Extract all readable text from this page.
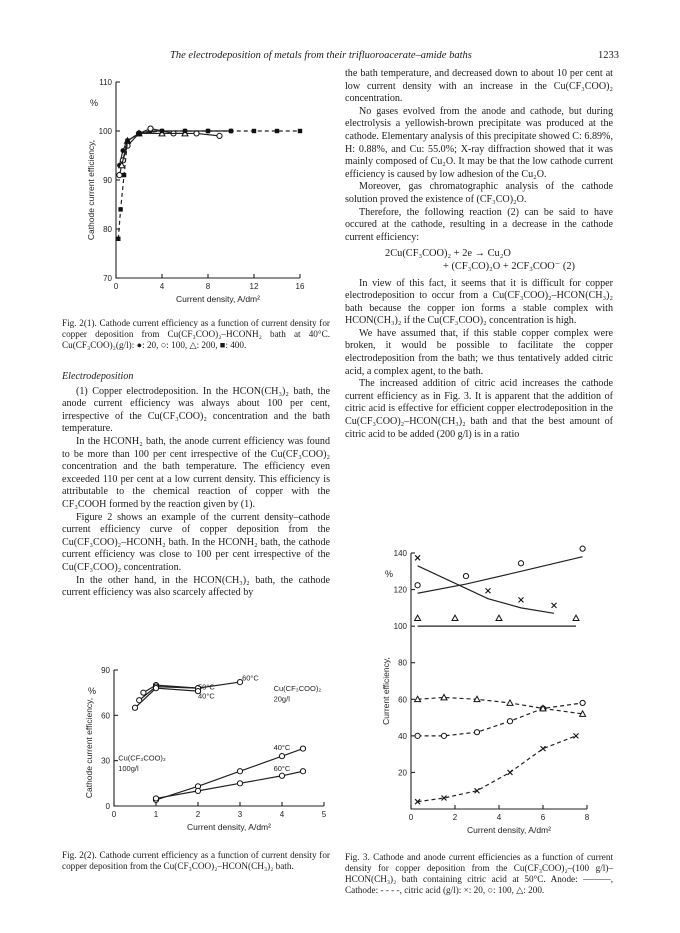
The electrodeposition of metals from their trifluoroacerate–amide baths	1233
0	4	8	12	16
70
80
90
100
110
Cathode current efficiency,
%
Current density, A/dm²
Fig. 2(1). Cathode current efficiency as a function of current density for copper deposition from Cu(CF₃COO)₂–HCONH₂ bath at 40°C. Cu(CF₃COO)₂(g/l): ●: 20, ○: 100, △: 200, ■: 400.

Electrodeposition

(1) Copper electrodeposition. In the HCON(CH₃)₂ bath, the anode current efficiency was always about 100 per cent, irrespective of the Cu(CF₃COO)₂ concentration and the bath temperature.

In the HCONH₂ bath, the anode current efficiency was found to be more than 100 per cent irrespective of the Cu(CF₃COO)₂ concentration and the bath temperature. The efficiency even exceeded 110 per cent at a low current density. This efficiency is attributable to the chemical reaction of copper with the CF₃COOH formed by the reaction given by (1).

Figure 2 shows an example of the current density–cathode current efficiency curve of copper deposition from the Cu(CF₃COO)₂–HCONH₂ bath. In the HCONH₂ bath, the cathode current efficiency was close to 100 per cent irrespective of the Cu(CF₃COO)₂ concentration.

In the other hand, in the HCON(CH₃)₂ bath, the cathode current efficiency was also scarcely affected by

0	1	2	3	4	5
0
30
60
90
Cathode current efficiency,
%
Current density, A/dm²
Cu(CF₃COO)₂
20g/l
Cu(CF₃COO)₂
100g/l
60°C
50°C
40°C
40°C
60°C
Fig. 2(2). Cathode current efficiency as a function of current density for copper deposition from the Cu(CF₃COO)₂–HCON(CH₃)₂ bath.

the bath temperature, and decreased down to about 10 per cent at low current density with an increase in the Cu(CF₃COO)₂ concentration.

No gases evolved from the anode and cathode, but during electrolysis a yellowish-brown precipitate was produced at the cathode. Elementary analysis of this precipitate showed C: 6.89%, H: 0.88%, and Cu: 55.0%; X-ray diffraction showed that it was mainly composed of Cu₂O. It may be that the low cathode current efficiency is caused by low adhesion of the Cu₂O.

Moreover, gas chromatographic analysis of the cathode solution proved the existence of (CF₃CO)₂O.

Therefore, the following reaction (2) can be said to have occured at the cathode, resulting in a decrease in the cathode current efficiency:

2Cu(CF₃COO)₂ + 2e → Cu₂O
+ (CF₃CO)₂O + 2CF₃COO⁻ (2)

In view of this fact, it seems that it is difficult for copper electrodeposition to occur from a Cu(CF₃COO)₂–HCON(CH₃)₂ bath because the copper ion forms a stable complex with HCON(CH₃)₂ if the Cu(CF₃COO)₂ concentration is high.

We have assumed that, if this stable copper complex were broken, it would be possible to facilitate the copper electrodeposition from the bath; we thus tentatively added citric acid, a complex agent, to the bath.

The increased addition of citric acid increases the cathode current efficiency as in Fig. 3. It is apparent that the addition of citric acid is effective for efficient copper electrodeposition in the Cu(CF₃COO)₂–HCON(CH₃)₂ bath and that the best amount of citric acid to be added (200 g/l) is in a ratio

0	2	4	6	8
20
40
60
80
100
120
140
Current efficiency,
%
Current density, A/dm²
Fig. 3. Cathode and anode current efficiencies as a function of current density for copper deposition from the Cu(CF₃COO)₂–(100 g/l)–HCON(CH₃)₂ bath containing citric acid at 50°C. Anode: ———, Cathode: - - - -, citric acid (g/l): ×: 20, ○: 100, △: 200.
